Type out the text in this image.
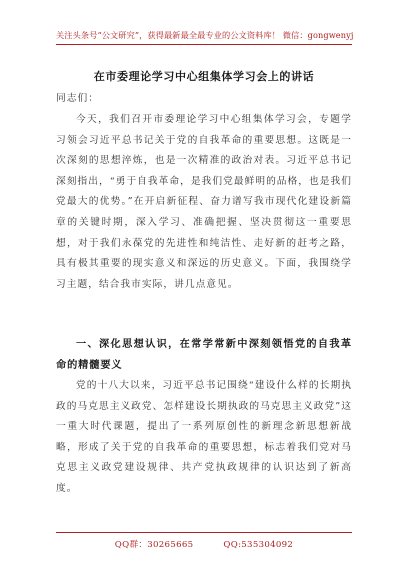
关注头条号“公文研究”，获得最新最全最专业的公文资料库！ 微信：gongwenyj
在市委理论学习中心组集体学习会上的讲话
同志们：
今天，我们召开市委理论学习中心组集体学习会，专题学习领会习近平总书记关于党的自我革命的重要思想。这既是一次深刻的思想淬炼，也是一次精准的政治对表。习近平总书记深刻指出，“勇于自我革命，是我们党最鲜明的品格，也是我们党最大的优势。”在开启新征程、奋力谱写我市现代化建设新篇章的关键时期，深入学习、准确把握、坚决贯彻这一重要思想，对于我们永葆党的先进性和纯洁性、走好新的赶考之路，具有极其重要的现实意义和深远的历史意义。下面，我围绕学习主题，结合我市实际，讲几点意见。
一、深化思想认识，在常学常新中深刻领悟党的自我革命的精髓要义
党的十八大以来，习近平总书记围绕“建设什么样的长期执政的马克思主义政党、怎样建设长期执政的马克思主义政党”这一重大时代课题，提出了一系列原创性的新理念新思想新战略，形成了关于党的自我革命的重要思想，标志着我们党对马克思主义政党建设规律、共产党执政规律的认识达到了新高度。
QQ群：30265665	QQ:535304092
